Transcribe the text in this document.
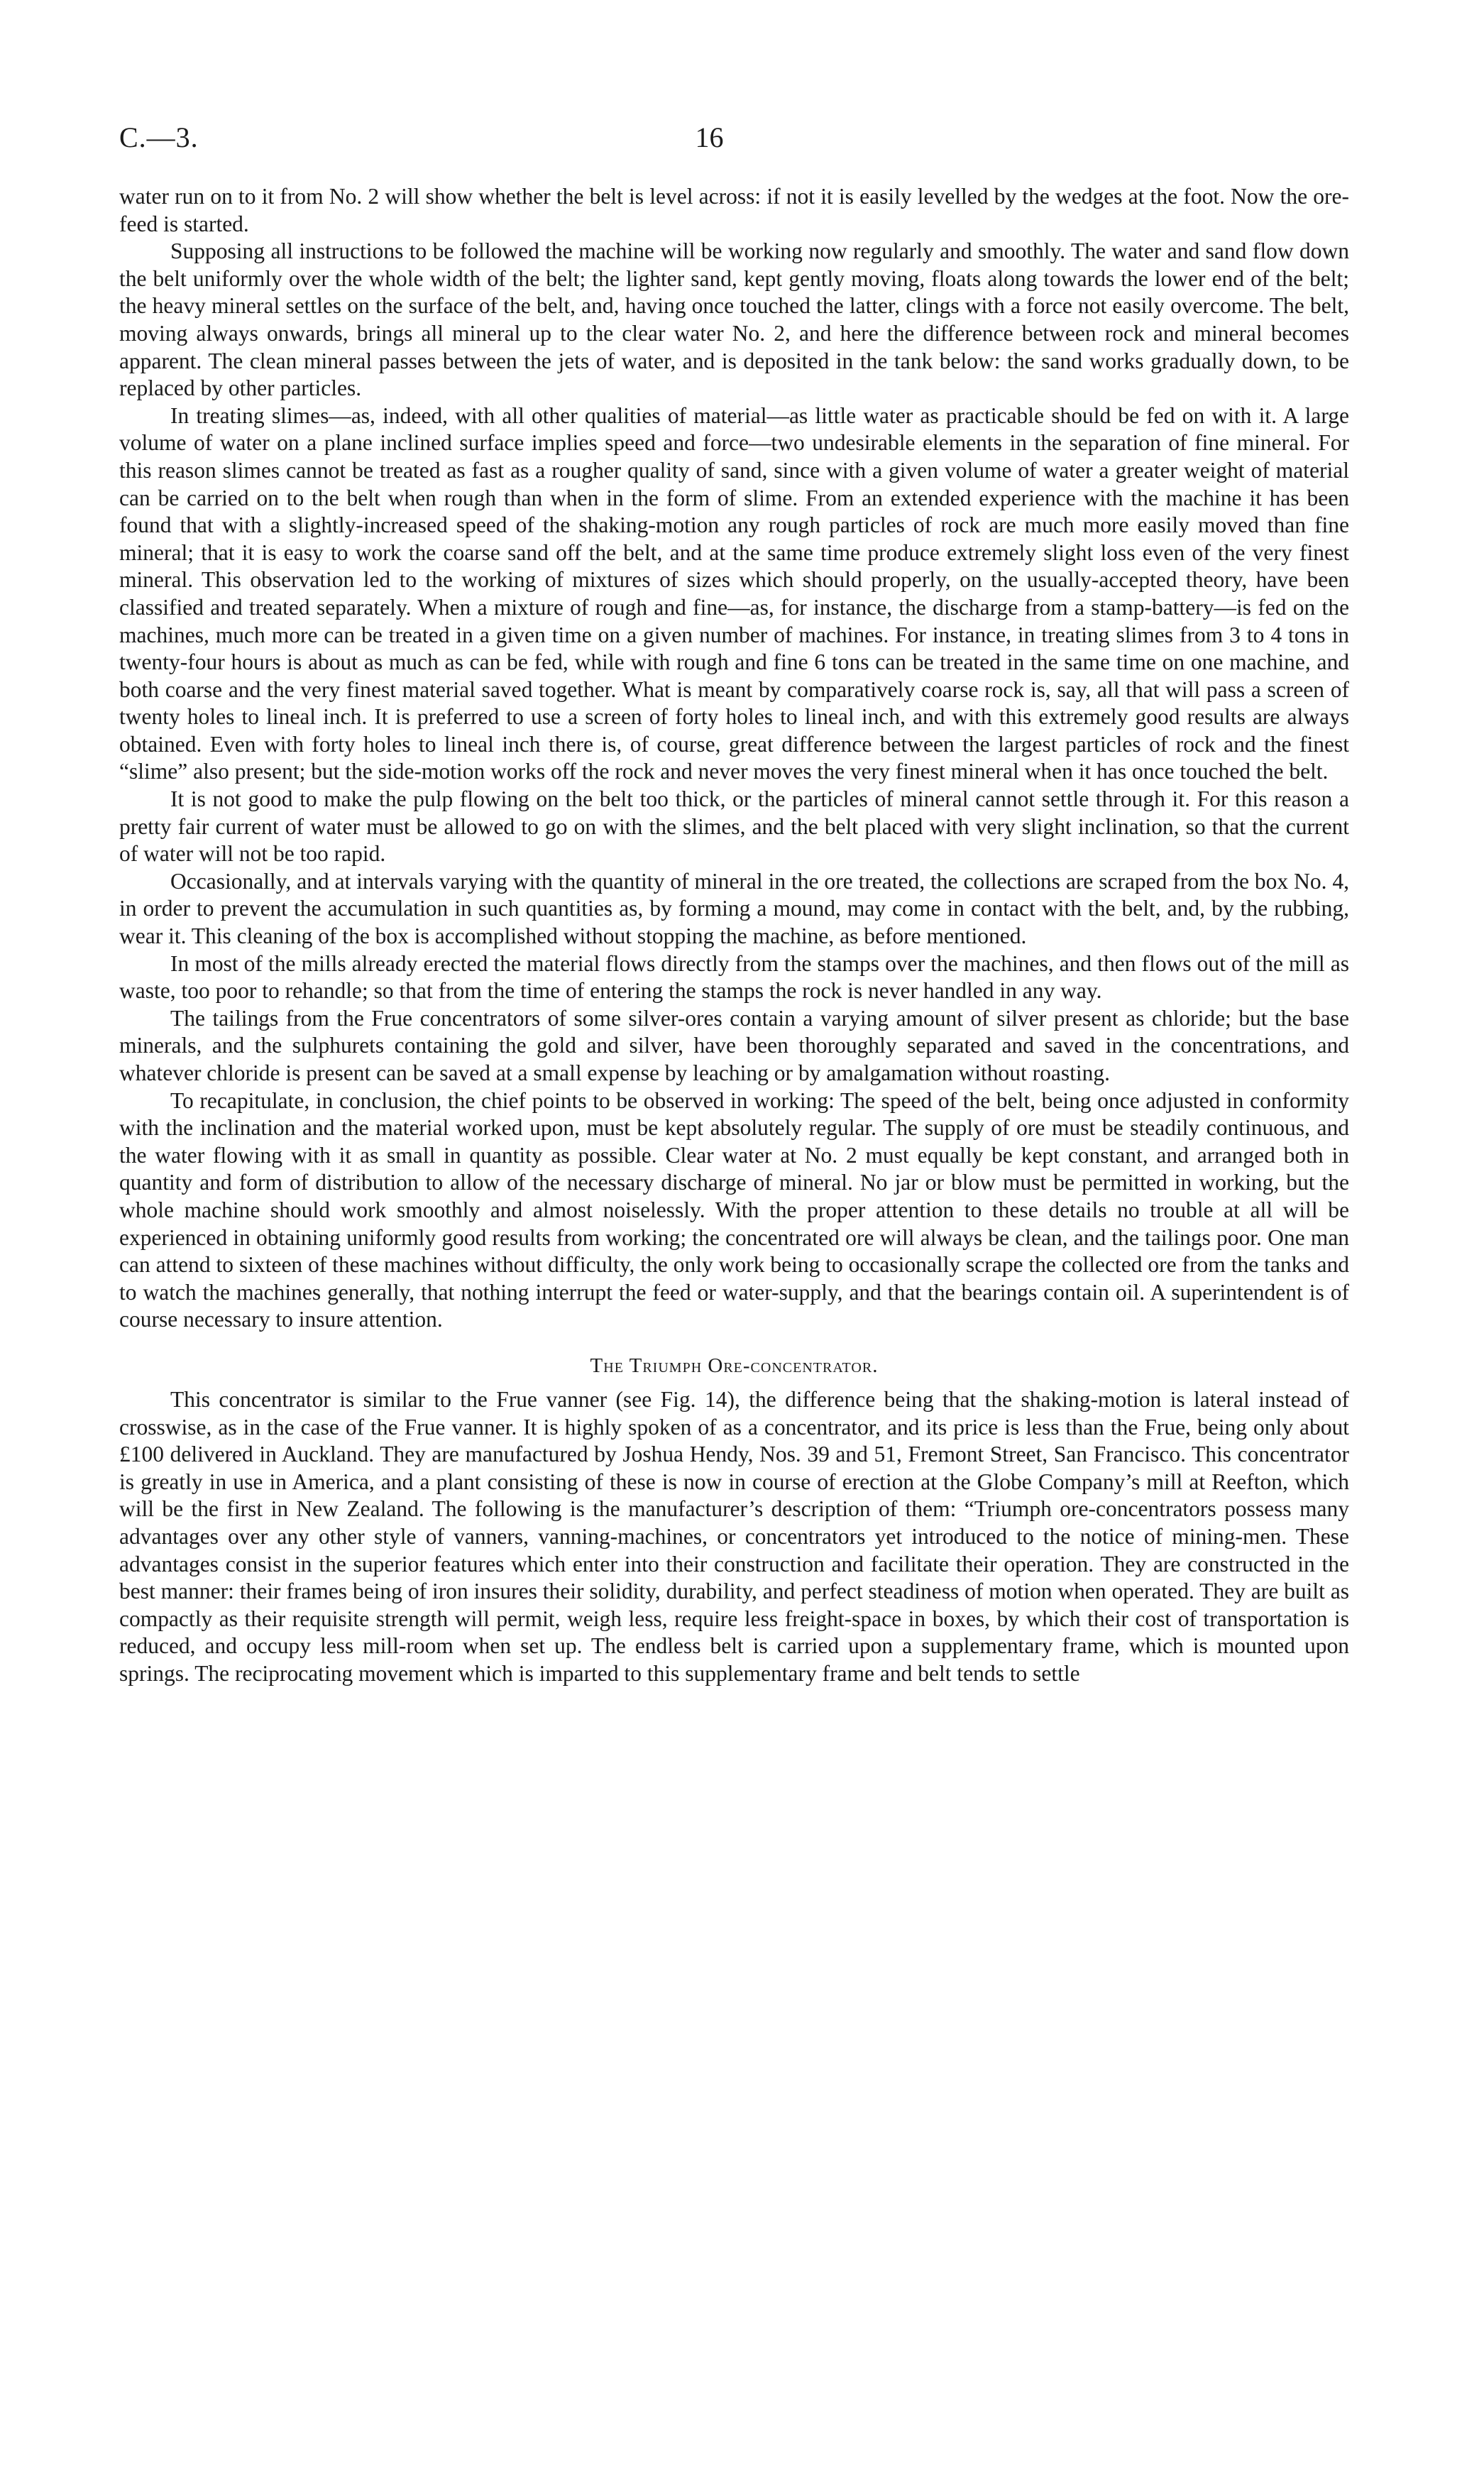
C.—3.	16

water run on to it from No. 2 will show whether the belt is level across: if not it is easily levelled by the wedges at the foot. Now the ore-feed is started.

Supposing all instructions to be followed the machine will be working now regularly and smoothly. The water and sand flow down the belt uniformly over the whole width of the belt; the lighter sand, kept gently moving, floats along towards the lower end of the belt; the heavy mineral settles on the surface of the belt, and, having once touched the latter, clings with a force not easily overcome. The belt, moving always onwards, brings all mineral up to the clear water No. 2, and here the difference between rock and mineral becomes apparent. The clean mineral passes between the jets of water, and is deposited in the tank below: the sand works gradually down, to be replaced by other particles.

In treating slimes—as, indeed, with all other qualities of material—as little water as practicable should be fed on with it. A large volume of water on a plane inclined surface implies speed and force—two undesirable elements in the separation of fine mineral. For this reason slimes cannot be treated as fast as a rougher quality of sand, since with a given volume of water a greater weight of material can be carried on to the belt when rough than when in the form of slime. From an extended experience with the machine it has been found that with a slightly-increased speed of the shaking-motion any rough particles of rock are much more easily moved than fine mineral; that it is easy to work the coarse sand off the belt, and at the same time produce extremely slight loss even of the very finest mineral. This observation led to the working of mixtures of sizes which should properly, on the usually-accepted theory, have been classified and treated separately. When a mixture of rough and fine—as, for instance, the discharge from a stamp-battery—is fed on the machines, much more can be treated in a given time on a given number of machines. For instance, in treating slimes from 3 to 4 tons in twenty-four hours is about as much as can be fed, while with rough and fine 6 tons can be treated in the same time on one machine, and both coarse and the very finest material saved together. What is meant by comparatively coarse rock is, say, all that will pass a screen of twenty holes to lineal inch. It is preferred to use a screen of forty holes to lineal inch, and with this extremely good results are always obtained. Even with forty holes to lineal inch there is, of course, great difference between the largest particles of rock and the finest “slime” also present; but the side-motion works off the rock and never moves the very finest mineral when it has once touched the belt.

It is not good to make the pulp flowing on the belt too thick, or the particles of mineral cannot settle through it. For this reason a pretty fair current of water must be allowed to go on with the slimes, and the belt placed with very slight inclination, so that the current of water will not be too rapid.

Occasionally, and at intervals varying with the quantity of mineral in the ore treated, the collections are scraped from the box No. 4, in order to prevent the accumulation in such quantities as, by forming a mound, may come in contact with the belt, and, by the rubbing, wear it. This cleaning of the box is accomplished without stopping the machine, as before mentioned.

In most of the mills already erected the material flows directly from the stamps over the machines, and then flows out of the mill as waste, too poor to rehandle; so that from the time of entering the stamps the rock is never handled in any way.

The tailings from the Frue concentrators of some silver-ores contain a varying amount of silver present as chloride; but the base minerals, and the sulphurets containing the gold and silver, have been thoroughly separated and saved in the concentrations, and whatever chloride is present can be saved at a small expense by leaching or by amalgamation without roasting.

To recapitulate, in conclusion, the chief points to be observed in working: The speed of the belt, being once adjusted in conformity with the inclination and the material worked upon, must be kept absolutely regular. The supply of ore must be steadily continuous, and the water flowing with it as small in quantity as possible. Clear water at No. 2 must equally be kept constant, and arranged both in quantity and form of distribution to allow of the necessary discharge of mineral. No jar or blow must be permitted in working, but the whole machine should work smoothly and almost noiselessly. With the proper attention to these details no trouble at all will be experienced in obtaining uniformly good results from working; the concentrated ore will always be clean, and the tailings poor. One man can attend to sixteen of these machines without difficulty, the only work being to occasionally scrape the collected ore from the tanks and to watch the machines generally, that nothing interrupt the feed or water-supply, and that the bearings contain oil. A superintendent is of course necessary to insure attention.

The Triumph Ore-concentrator.

This concentrator is similar to the Frue vanner (see Fig. 14), the difference being that the shaking-motion is lateral instead of crosswise, as in the case of the Frue vanner. It is highly spoken of as a concentrator, and its price is less than the Frue, being only about £100 delivered in Auckland. They are manufactured by Joshua Hendy, Nos. 39 and 51, Fremont Street, San Francisco. This concentrator is greatly in use in America, and a plant consisting of these is now in course of erection at the Globe Company’s mill at Reefton, which will be the first in New Zealand. The following is the manufacturer’s description of them: “Triumph ore-concentrators possess many advantages over any other style of vanners, vanning-machines, or concentrators yet introduced to the notice of mining-men. These advantages consist in the superior features which enter into their construction and facilitate their operation. They are constructed in the best manner: their frames being of iron insures their solidity, durability, and perfect steadiness of motion when operated. They are built as compactly as their requisite strength will permit, weigh less, require less freight-space in boxes, by which their cost of transportation is reduced, and occupy less mill-room when set up. The endless belt is carried upon a supplementary frame, which is mounted upon springs. The reciprocating movement which is imparted to this supplementary frame and belt tends to settle
